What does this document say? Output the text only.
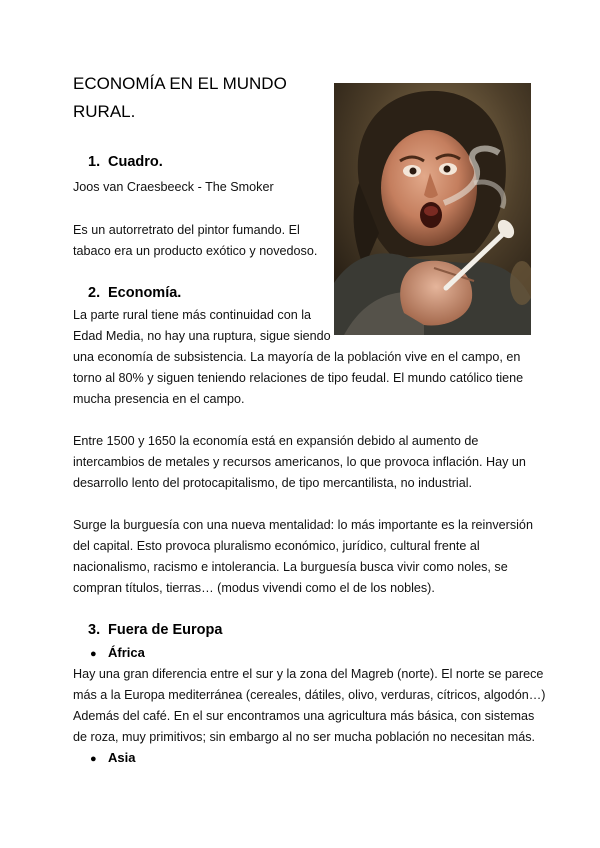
ECONOMÍA EN EL MUNDO

RURAL.

1. Cuadro.

Joos van Craesbeeck - The Smoker

Es un autorretrato del pintor fumando. El

tabaco era un producto exótico y novedoso.

2. Economía.

La parte rural tiene más continuidad con la

Edad Media, no hay una ruptura, sigue siendo

una economía de subsistencia. La mayoría de la población vive en el campo, en

torno al 80% y siguen teniendo relaciones de tipo feudal. El mundo católico tiene

mucha presencia en el campo.

Entre 1500 y 1650 la economía está en expansión debido al aumento de

intercambios de metales y recursos americanos, lo que provoca inflación. Hay un

desarrollo lento del protocapitalismo, de tipo mercantilista, no industrial.

Surge la burguesía con una nueva mentalidad: lo más importante es la reinversión

del capital. Esto provoca pluralismo económico, jurídico, cultural frente al

nacionalismo, racismo e intolerancia. La burguesía busca vivir como noles, se

compran títulos, tierras… (modus vivendi como el de los nobles).

3. Fuera de Europa

● África

Hay una gran diferencia entre el sur y la zona del Magreb (norte). El norte se parece

más a la Europa mediterránea (cereales, dátiles, olivo, verduras, cítricos, algodón…)

Además del café. En el sur encontramos una agricultura más básica, con sistemas

de roza, muy primitivos; sin embargo al no ser mucha población no necesitan más.

● Asia
